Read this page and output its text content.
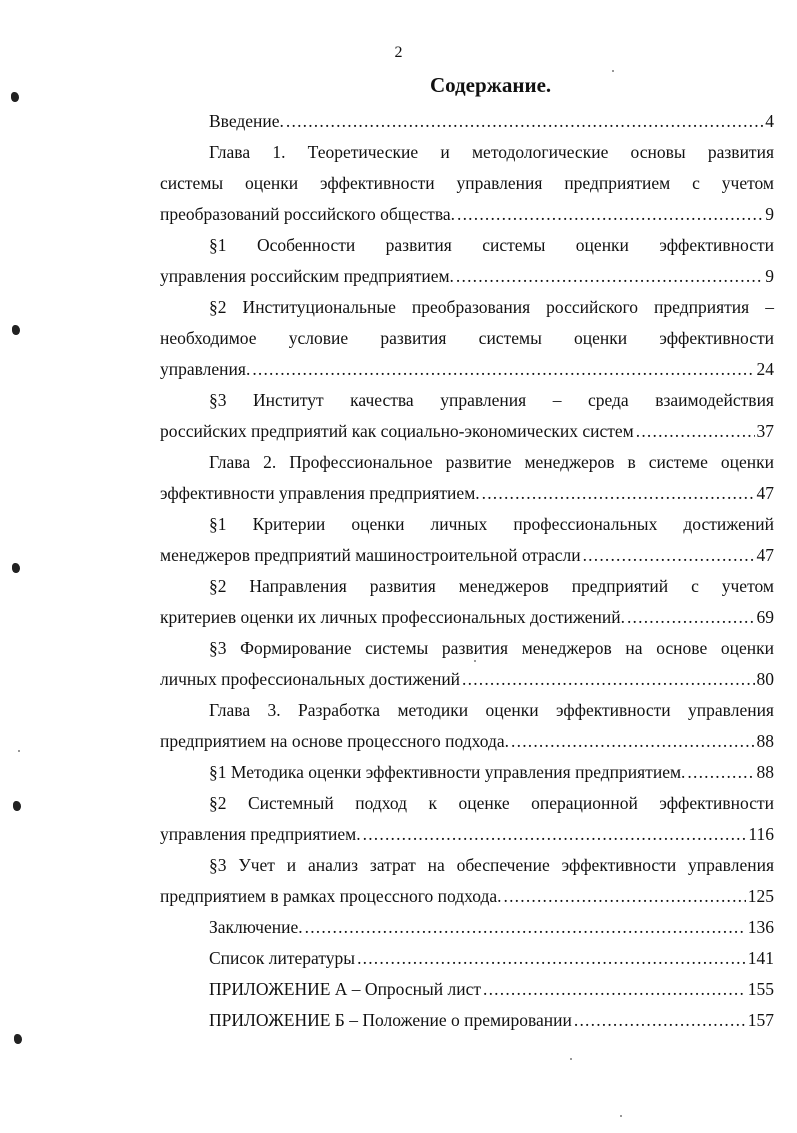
2
Содержание.
Введение. .....	4
Глава 1. Теоретические и методологические основы развития
системы оценки эффективности управления предприятием с учетом
преобразований российского общества. .....	9
§1 Особенности развития системы оценки эффективности
управления российским предприятием. .....	9
§2 Институциональные преобразования российского предприятия –
необходимое условие развития системы оценки эффективности
управления. .....	24
§3 Институт качества управления – среда взаимодействия
российских предприятий как социально-экономических систем .....	37
Глава 2. Профессиональное развитие менеджеров в системе оценки
эффективности управления предприятием. .....	47
§1 Критерии оценки личных профессиональных достижений
менеджеров предприятий машиностроительной отрасли .....	47
§2 Направления развития менеджеров предприятий с учетом
критериев оценки их личных профессиональных достижений. .....	69
§3 Формирование системы развития менеджеров на основе оценки
личных профессиональных достижений .....	80
Глава 3. Разработка методики оценки эффективности управления
предприятием на основе процессного подхода. .....	88
§1 Методика оценки эффективности управления предприятием. .....	88
§2 Системный подход к оценке операционной эффективности
управления предприятием. .....	116
§3 Учет и анализ затрат на обеспечение эффективности управления
предприятием в рамках процессного подхода. .....	125
Заключение. .....	136
Список литературы .....	141
ПРИЛОЖЕНИЕ А – Опросный лист .....	155
ПРИЛОЖЕНИЕ Б – Положение о премировании .....	157
